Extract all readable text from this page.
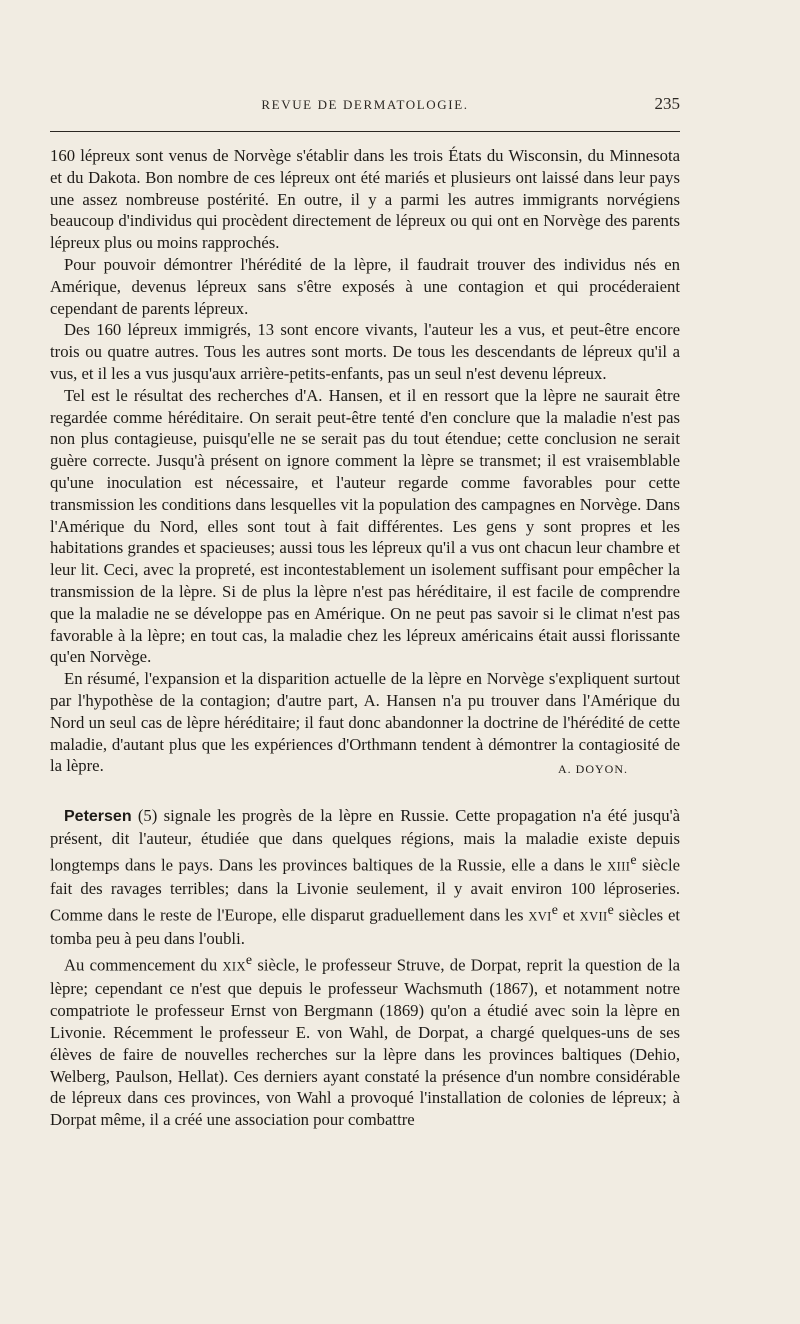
REVUE DE DERMATOLOGIE.	235

160 lépreux sont venus de Norvège s'établir dans les trois États du Wisconsin, du Minnesota et du Dakota. Bon nombre de ces lépreux ont été mariés et plusieurs ont laissé dans leur pays une assez nombreuse postérité. En outre, il y a parmi les autres immigrants norvégiens beaucoup d'individus qui procèdent directement de lépreux ou qui ont en Norvège des parents lépreux plus ou moins rapprochés.

Pour pouvoir démontrer l'hérédité de la lèpre, il faudrait trouver des individus nés en Amérique, devenus lépreux sans s'être exposés à une contagion et qui procéderaient cependant de parents lépreux.

Des 160 lépreux immigrés, 13 sont encore vivants, l'auteur les a vus, et peut-être encore trois ou quatre autres. Tous les autres sont morts. De tous les descendants de lépreux qu'il a vus, et il les a vus jusqu'aux arrière-petits-enfants, pas un seul n'est devenu lépreux.

Tel est le résultat des recherches d'A. Hansen, et il en ressort que la lèpre ne saurait être regardée comme héréditaire. On serait peut-être tenté d'en conclure que la maladie n'est pas non plus contagieuse, puisqu'elle ne se serait pas du tout étendue; cette conclusion ne serait guère correcte. Jusqu'à présent on ignore comment la lèpre se transmet; il est vraisemblable qu'une inoculation est nécessaire, et l'auteur regarde comme favorables pour cette transmission les conditions dans lesquelles vit la population des campagnes en Norvège. Dans l'Amérique du Nord, elles sont tout à fait différentes. Les gens y sont propres et les habitations grandes et spacieuses; aussi tous les lépreux qu'il a vus ont chacun leur chambre et leur lit. Ceci, avec la propreté, est incontestablement un isolement suffisant pour empêcher la transmission de la lèpre. Si de plus la lèpre n'est pas héréditaire, il est facile de comprendre que la maladie ne se développe pas en Amérique. On ne peut pas savoir si le climat n'est pas favorable à la lèpre; en tout cas, la maladie chez les lépreux américains était aussi florissante qu'en Norvège.

En résumé, l'expansion et la disparition actuelle de la lèpre en Norvège s'expliquent surtout par l'hypothèse de la contagion; d'autre part, A. Hansen n'a pu trouver dans l'Amérique du Nord un seul cas de lèpre héréditaire; il faut donc abandonner la doctrine de l'hérédité de cette maladie, d'autant plus que les expériences d'Orthmann tendent à démontrer la contagiosité de la lèpre.	A. DOYON.

Petersen (5) signale les progrès de la lèpre en Russie. Cette propagation n'a été jusqu'à présent, dit l'auteur, étudiée que dans quelques régions, mais la maladie existe depuis longtemps dans le pays. Dans les provinces baltiques de la Russie, elle a dans le XIIIe siècle fait des ravages terribles; dans la Livonie seulement, il y avait environ 100 léproseries. Comme dans le reste de l'Europe, elle disparut graduellement dans les XVIe et XVIIe siècles et tomba peu à peu dans l'oubli.

Au commencement du XIXe siècle, le professeur Struve, de Dorpat, reprit la question de la lèpre; cependant ce n'est que depuis le professeur Wachsmuth (1867), et notamment notre compatriote le professeur Ernst von Bergmann (1869) qu'on a étudié avec soin la lèpre en Livonie. Récemment le professeur E. von Wahl, de Dorpat, a chargé quelques-uns de ses élèves de faire de nouvelles recherches sur la lèpre dans les provinces baltiques (Dehio, Welberg, Paulson, Hellat). Ces derniers ayant constaté la présence d'un nombre considérable de lépreux dans ces provinces, von Wahl a provoqué l'installation de colonies de lépreux; à Dorpat même, il a créé une association pour combattre
